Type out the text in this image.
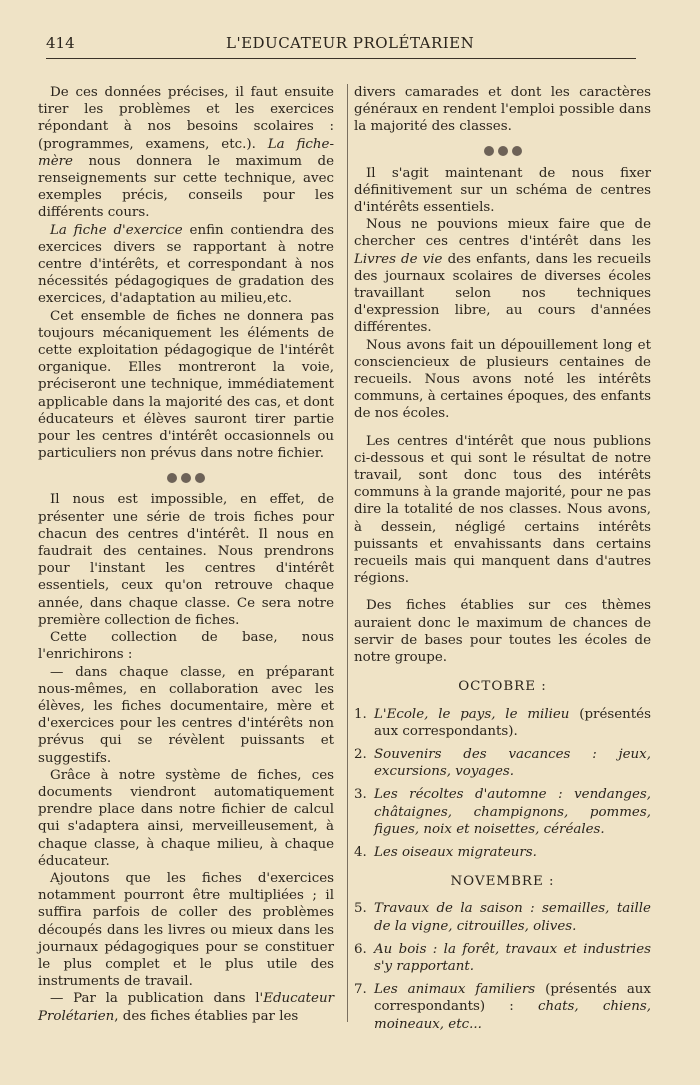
414	L'EDUCATEUR PROLÉTARIEN

De ces données précises, il faut ensuite tirer les problèmes et les exercices répondant à nos besoins scolaires : (programmes, examens, etc.). La fiche-mère nous donnera le maximum de renseignements sur cette technique, avec exemples précis, conseils pour les différents cours.

La fiche d'exercice enfin contiendra des exercices divers se rapportant à notre centre d'intérêts, et correspondant à nos nécessités pédagogiques de gradation des exercices, d'adaptation au milieu,etc.

Cet ensemble de fiches ne donnera pas toujours mécaniquement les éléments de cette exploitation pédagogique de l'intérêt organique. Elles montreront la voie, préciseront une technique, immédiatement applicable dans la majorité des cas, et dont éducateurs et élèves sauront tirer partie pour les centres d'intérêt occasionnels ou particuliers non prévus dans notre fichier.

Il nous est impossible, en effet, de présenter une série de trois fiches pour chacun des centres d'intérêt. Il nous en faudrait des centaines. Nous prendrons pour l'instant les centres d'intérêt essentiels, ceux qu'on retrouve chaque année, dans chaque classe. Ce sera notre première collection de fiches.

Cette collection de base, nous l'enrichirons :

— dans chaque classe, en préparant nous-mêmes, en collaboration avec les élèves, les fiches documentaire, mère et d'exercices pour les centres d'intérêts non prévus qui se révèlent puissants et suggestifs.

Grâce à notre système de fiches, ces documents viendront automatiquement prendre place dans notre fichier de calcul qui s'adaptera ainsi, merveilleusement, à chaque classe, à chaque milieu, à chaque éducateur.

Ajoutons que les fiches d'exercices notamment pourront être multipliées ; il suffira parfois de coller des problèmes découpés dans les livres ou mieux dans les journaux pédagogiques pour se constituer le plus complet et le plus utile des instruments de travail.

— Par la publication dans l'Educateur Prolétarien, des fiches établies par les

divers camarades et dont les caractères généraux en rendent l'emploi possible dans la majorité des classes.

Il s'agit maintenant de nous fixer définitivement sur un schéma de centres d'intérêts essentiels.

Nous ne pouvions mieux faire que de chercher ces centres d'intérêt dans les Livres de vie des enfants, dans les recueils des journaux scolaires de diverses écoles travaillant selon nos techniques d'expression libre, au cours d'années différentes.

Nous avons fait un dépouillement long et consciencieux de plusieurs centaines de recueils. Nous avons noté les intérêts communs, à certaines époques, des enfants de nos écoles.

Les centres d'intérêt que nous publions ci-dessous et qui sont le résultat de notre travail, sont donc tous des intérêts communs à la grande majorité, pour ne pas dire la totalité de nos classes. Nous avons, à dessein, négligé certains intérêts puissants et envahissants dans certains recueils mais qui manquent dans d'autres régions.

Des fiches établies sur ces thèmes auraient donc le maximum de chances de servir de bases pour toutes les écoles de notre groupe.

OCTOBRE :
1. L'Ecole, le pays, le milieu (présentés aux correspondants).
2. Souvenirs des vacances : jeux, excursions, voyages.
3. Les récoltes d'automne : vendanges, châtaignes, champignons, pommes, figues, noix et noisettes, céréales.
4. Les oiseaux migrateurs.
NOVEMBRE :
5. Travaux de la saison : semailles, taille de la vigne, citrouilles, olives.
6. Au bois : la forêt, travaux et industries s'y rapportant.
7. Les animaux familiers (présentés aux correspondants) : chats, chiens, moineaux, etc...
